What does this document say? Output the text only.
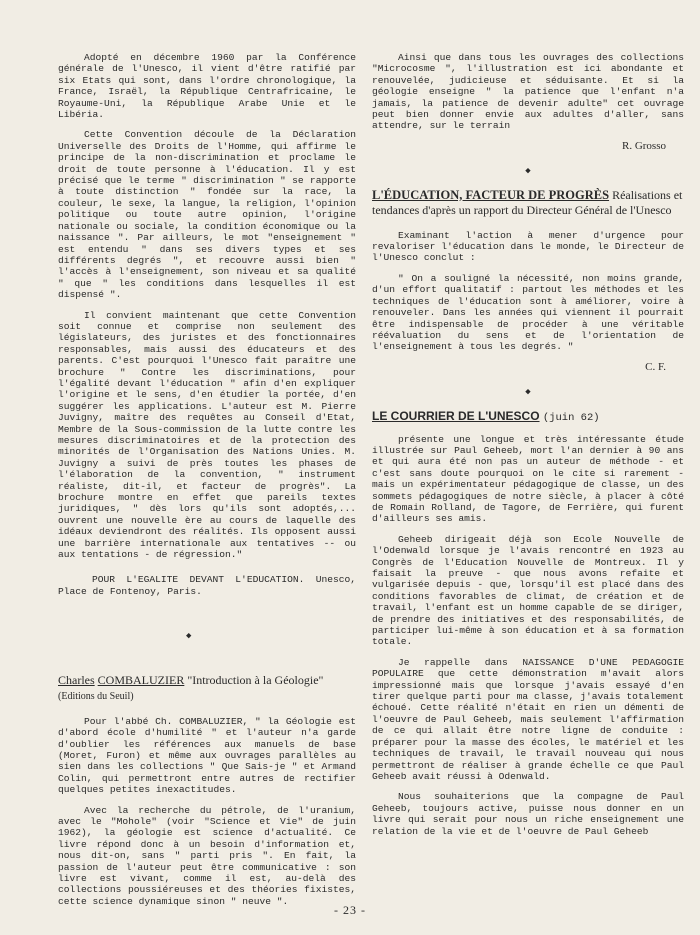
Adopté en décembre 1960 par la Conférence générale de l'Unesco, il vient d'être ratifié par six Etats qui sont, dans l'ordre chronologique, la France, Israël, la République Centrafricaine, le Royaume-Uni, la République Arabe Unie et le Libéria.

Cette Convention découle de la Déclaration Universelle des Droits de l'Homme, qui affirme le principe de la non-discrimination et proclame le droit de toute personne à l'éducation. Il y est précisé que le terme " discrimination " se rapporte à toute distinction " fondée sur la race, la couleur, le sexe, la langue, la religion, l'opinion politique ou toute autre opinion, l'origine nationale ou sociale, la condition économique ou la naissance ". Par ailleurs, le mot "enseignement " est entendu " dans ses divers types et ses différents degrés ", et recouvre aussi bien " l'accès à l'enseignement, son niveau et sa qualité " que " les conditions dans lesquelles il est dispensé ".

Il convient maintenant que cette Convention soit connue et comprise non seulement des législateurs, des juristes et des fonctionnaires responsables, mais aussi des éducateurs et des parents. C'est pourquoi l'Unesco fait paraître une brochure " Contre les discriminations, pour l'égalité devant l'éducation " afin d'en expliquer l'origine et le sens, d'en étudier la portée, d'en suggérer les applications. L'auteur est M. Pierre Juvigny, maître des requêtes au Conseil d'Etat, Membre de la Sous-commission de la lutte contre les mesures discriminatoires et de la protection des minorités de l'Organisation des Nations Unies. M. Juvigny a suivi de près toutes les phases de l'élaboration de la convention, " instrument réaliste, dit-il, et facteur de progrès". La brochure montre en effet que pareils textes juridiques, " dès lors qu'ils sont adoptés,... ouvrent une nouvelle ère au cours de laquelle des idéaux deviendront des réalités. Ils opposent aussi une barrière internationale aux tentatives -- ou aux tentations - de régression."

POUR L'EGALITE DEVANT L'EDUCATION. Unesco, Place de Fontenoy, Paris.

◆
Charles COMBALUZIER "Introduction à la Géologie" (Editions du Seuil)

Pour l'abbé Ch. COMBALUZIER, " la Géologie est d'abord école d'humilité " et l'auteur n'a garde d'oublier les références aux manuels de base (Moret, Furon) et même aux ouvrages parallèles au sien dans les collections " Que Sais-je " et Armand Colin, qui permettront entre autres de rectifier quelques petites inexactitudes.

Avec la recherche du pétrole, de l'uranium, avec le "Mohole" (voir "Science et Vie" de juin 1962), la géologie est science d'actualité. Ce livre répond donc à un besoin d'information et, nous dit-on, sans " parti pris ". En fait, la passion de l'auteur peut être communicative : son livre est vivant, comme il est, au-delà des collections poussiéreuses et des théories fixistes, cette science dynamique sinon " neuve ".

Ainsi que dans tous les ouvrages des collections "Microcosme ", l'illustration est ici abondante et renouvelée, judicieuse et séduisante. Et si la géologie enseigne " la patience que l'enfant n'a jamais, la patience de devenir adulte" cet ouvrage peut bien donner envie aux adultes d'aller, sans attendre, sur le terrain

R. Grosso
◆
L'ÉDUCATION, FACTEUR DE PROGRÈS Réalisations et tendances d'après un rapport du Directeur Général de l'Unesco

Examinant l'action à mener d'urgence pour revaloriser l'éducation dans le monde, le Directeur de l'Unesco conclut :

" On a souligné la nécessité, non moins grande, d'un effort qualitatif : partout les méthodes et les techniques de l'éducation sont à améliorer, voire à renouveler. Dans les années qui viennent il pourrait être indispensable de procéder à une véritable réévaluation du sens et de l'orientation de l'enseignement à tous les degrés. "

C. F.
◆
LE COURRIER DE L'UNESCO (juin 62)

présente une longue et très intéressante étude illustrée sur Paul Geheeb, mort l'an dernier à 90 ans et qui aura été non pas un auteur de méthode - et c'est sans doute pourquoi on le cite si rarement - mais un expérimentateur pédagogique de classe, un des sommets pédagogiques de notre siècle, à placer à côté de Romain Rolland, de Tagore, de Ferrière, qui furent d'ailleurs ses amis.

Geheeb dirigeait déjà son Ecole Nouvelle de l'Odenwald lorsque je l'avais rencontré en 1923 au Congrès de l'Education Nouvelle de Montreux. Il y faisait la preuve - que nous avons refaite et vulgarisée depuis - que, lorsqu'il est placé dans des conditions favorables de climat, de création et de travail, l'enfant est un homme capable de se diriger, de prendre des initiatives et des responsabilités, de participer lui-même à son éducation et à sa formation totale.

Je rappelle dans NAISSANCE D'UNE PEDAGOGIE POPULAIRE que cette démonstration m'avait alors impressionné mais que lorsque j'avais essayé d'en tirer quelque parti pour ma classe, j'avais totalement échoué. Cette réalité n'était en rien un démenti de l'oeuvre de Paul Geheeb, mais seulement l'affirmation de ce qui allait être notre ligne de conduite : préparer pour la masse des écoles, le matériel et les techniques de travail, le travail nouveau qui nous permettront de réaliser à grande échelle ce que Paul Geheeb avait réussi à Odenwald.

Nous souhaiterions que la compagne de Paul Geheeb, toujours active, puisse nous donner en un livre qui serait pour nous un riche enseignement une relation de la vie et de l'oeuvre de Paul Geheeb

- 23 -
